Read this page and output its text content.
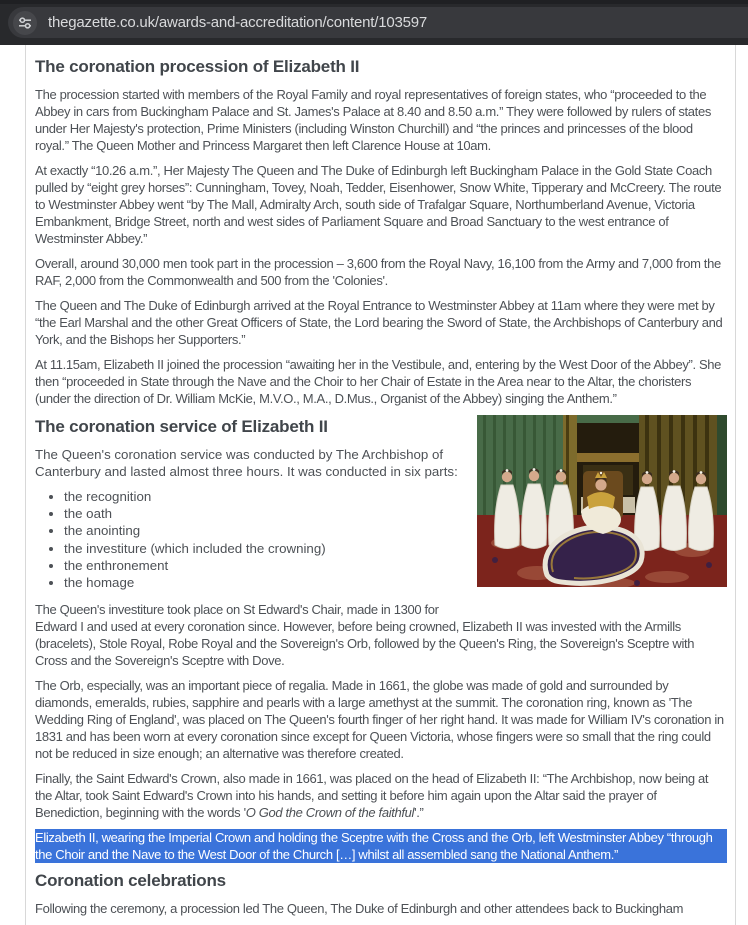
thegazette.co.uk/awards-and-accreditation/content/103597
The coronation procession of Elizabeth II

The procession started with members of the Royal Family and royal representatives of foreign states, who “proceeded to the Abbey in cars from Buckingham Palace and St. James's Palace at 8.40 and 8.50 a.m.” They were followed by rulers of states under Her Majesty's protection, Prime Ministers (including Winston Churchill) and “the princes and princesses of the blood royal.” The Queen Mother and Princess Margaret then left Clarence House at 10am.

At exactly “10.26 a.m.”, Her Majesty The Queen and The Duke of Edinburgh left Buckingham Palace in the Gold State Coach pulled by “eight grey horses”: Cunningham, Tovey, Noah, Tedder, Eisenhower, Snow White, Tipperary and McCreery. The route to Westminster Abbey went “by The Mall, Admiralty Arch, south side of Trafalgar Square, Northumberland Avenue, Victoria Embankment, Bridge Street, north and west sides of Parliament Square and Broad Sanctuary to the west entrance of Westminster Abbey.”

Overall, around 30,000 men took part in the procession – 3,600 from the Royal Navy, 16,100 from the Army and 7,000 from the RAF, 2,000 from the Commonwealth and 500 from the 'Colonies'.

The Queen and The Duke of Edinburgh arrived at the Royal Entrance to Westminster Abbey at 11am where they were met by “the Earl Marshal and the other Great Officers of State, the Lord bearing the Sword of State, the Archbishops of Canterbury and York, and the Bishops her Supporters.”

At 11.15am, Elizabeth II joined the procession “awaiting her in the Vestibule, and, entering by the West Door of the Abbey”. She then “proceeded in State through the Nave and the Choir to her Chair of Estate in the Area near to the Altar, the choristers (under the direction of Dr. William McKie, M.V.O., M.A., D.Mus., Organist of the Abbey) singing the Anthem.”

The coronation service of Elizabeth II

The Queen's coronation service was conducted by The Archbishop of Canterbury and lasted almost three hours. It was conducted in six parts:

• the recognition
• the oath
• the anointing
• the investiture (which included the crowning)
• the enthronement
• the homage

The Queen's investiture took place on St Edward's Chair, made in 1300 for Edward I and used at every coronation since. However, before being crowned, Elizabeth II was invested with the Armills (bracelets), Stole Royal, Robe Royal and the Sovereign's Orb, followed by the Queen's Ring, the Sovereign's Sceptre with Cross and the Sovereign's Sceptre with Dove.

The Orb, especially, was an important piece of regalia. Made in 1661, the globe was made of gold and surrounded by diamonds, emeralds, rubies, sapphire and pearls with a large amethyst at the summit. The coronation ring, known as 'The Wedding Ring of England', was placed on The Queen's fourth finger of her right hand. It was made for William IV's coronation in 1831 and has been worn at every coronation since except for Queen Victoria, whose fingers were so small that the ring could not be reduced in size enough; an alternative was therefore created.

Finally, the Saint Edward's Crown, also made in 1661, was placed on the head of Elizabeth II: “The Archbishop, now being at the Altar, took Saint Edward's Crown into his hands, and setting it before him again upon the Altar said the prayer of Benediction, beginning with the words 'O God the Crown of the faithful'.”

Elizabeth II, wearing the Imperial Crown and holding the Sceptre with the Cross and the Orb, left Westminster Abbey “through the Choir and the Nave to the West Door of the Church […] whilst all assembled sang the National Anthem.”

Coronation celebrations

Following the ceremony, a procession led The Queen, The Duke of Edinburgh and other attendees back to Buckingham
